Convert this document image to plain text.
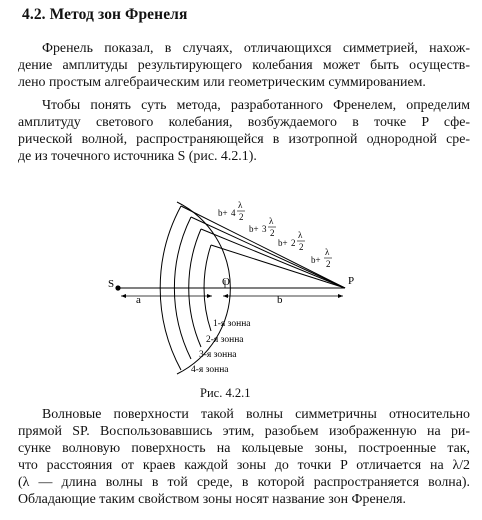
4.2. Метод зон Френеля
Френель показал, в случаях, отличающихся симметрией, нахож-
дение амплитуды результирующего колебания может быть осуществ-
лено простым алгебраическим или геометрическим суммированием.
Чтобы понять суть метода, разработанного Френелем, определим
амплитуду светового колебания, возбуждаемого в точке P сфе-
рической волной, распространяющейся в изотропной однородной сре-
де из точечного источника S (рис. 4.2.1).
S	O	P
a	b
b+ 4
λ
2
b+ 3
λ
2
b+ 2
λ
2
b+
λ
2
1-я зонна
2-я зонна
3-я зонна
4-я зонна
Рис. 4.2.1
Волновые поверхности такой волны симметричны относительно
прямой SP. Воспользовавшись этим, разобьем изображенную на ри-
сунке волновую поверхность на кольцевые зоны, построенные так,
что расстояния от краев каждой зоны до точки P отличается на λ/2
(λ — длина волны в той среде, в которой распространяется волна).
Обладающие таким свойством зоны носят название зон Френеля.
